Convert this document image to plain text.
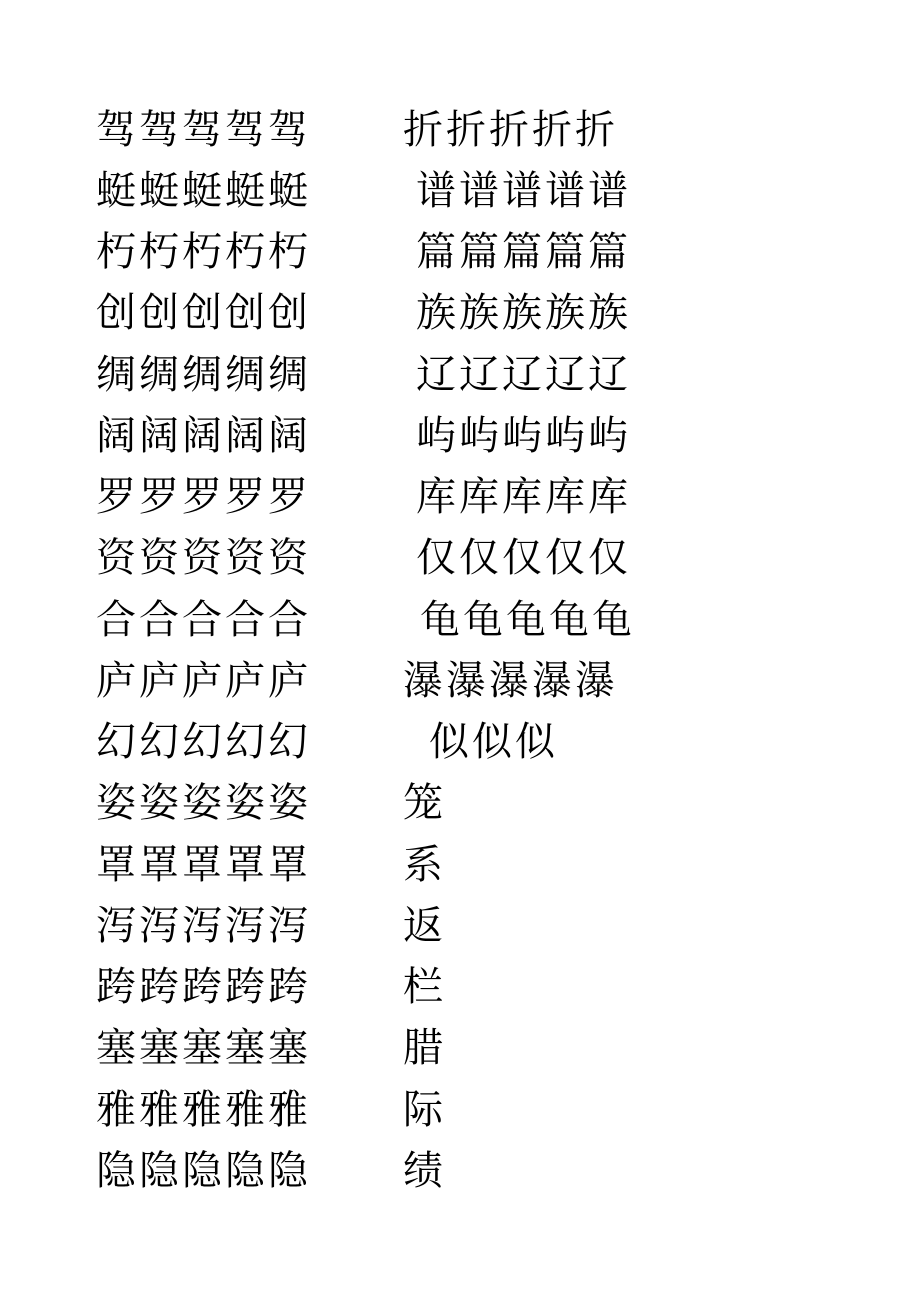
驾驾驾驾驾
蜓蜓蜓蜓蜓
朽朽朽朽朽
创创创创创
绸绸绸绸绸
阔阔阔阔阔
罗罗罗罗罗
资资资资资
合合合合合
庐庐庐庐庐
幻幻幻幻幻
姿姿姿姿姿
罩罩罩罩罩
泻泻泻泻泻
跨跨跨跨跨
塞塞塞塞塞
雅雅雅雅雅
隐隐隐隐隐
折折折折折
谱谱谱谱谱
篇篇篇篇篇
族族族族族
辽辽辽辽辽
屿屿屿屿屿
库库库库库
仅仅仅仅仅
龟龟龟龟龟
瀑瀑瀑瀑瀑
似似似
笼
系
返
栏
腊
际
绩
